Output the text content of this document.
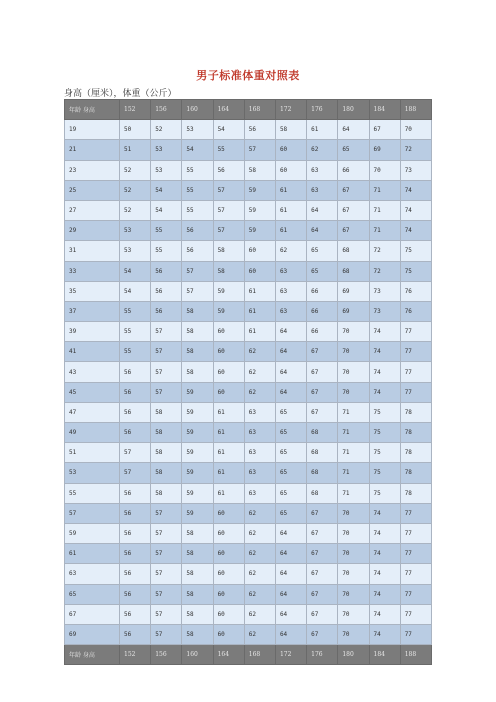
男子标准体重对照表
身高（厘米），体重（公斤）
年龄 身高	152	156	160	164	168	172	176	180	184	188
19	50	52	53	54	56	58	61	64	67	70
21	51	53	54	55	57	60	62	65	69	72
23	52	53	55	56	58	60	63	66	70	73
25	52	54	55	57	59	61	63	67	71	74
27	52	54	55	57	59	61	64	67	71	74
29	53	55	56	57	59	61	64	67	71	74
31	53	55	56	58	60	62	65	68	72	75
33	54	56	57	58	60	63	65	68	72	75
35	54	56	57	59	61	63	66	69	73	76
37	55	56	58	59	61	63	66	69	73	76
39	55	57	58	60	61	64	66	70	74	77
41	55	57	58	60	62	64	67	70	74	77
43	56	57	58	60	62	64	67	70	74	77
45	56	57	59	60	62	64	67	70	74	77
47	56	58	59	61	63	65	67	71	75	78
49	56	58	59	61	63	65	68	71	75	78
51	57	58	59	61	63	65	68	71	75	78
53	57	58	59	61	63	65	68	71	75	78
55	56	58	59	61	63	65	68	71	75	78
57	56	57	59	60	62	65	67	70	74	77
59	56	57	58	60	62	64	67	70	74	77
61	56	57	58	60	62	64	67	70	74	77
63	56	57	58	60	62	64	67	70	74	77
65	56	57	58	60	62	64	67	70	74	77
67	56	57	58	60	62	64	67	70	74	77
69	56	57	58	60	62	64	67	70	74	77
年龄 身高	152	156	160	164	168	172	176	180	184	188
